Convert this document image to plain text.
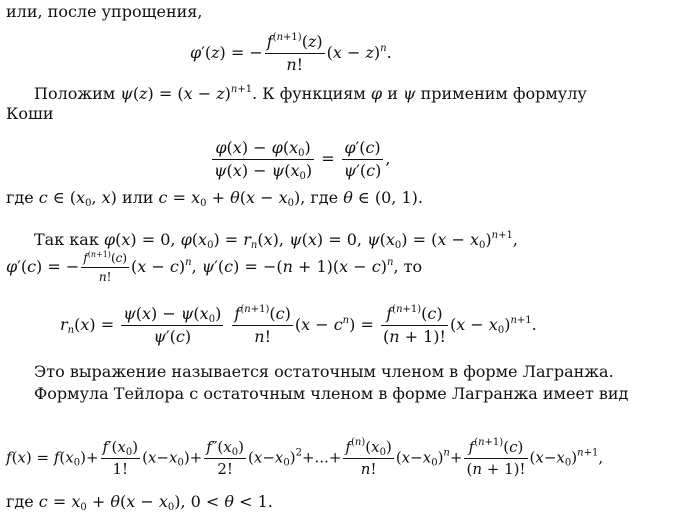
или, после упрощения,
φ′(z) = − $\frac{f^{(n+1)}(z)}{n!} (x - z)^n$.
Положим $\psi(z) = (x - z)^{n+1}$. К функциям φ и ψ применим формулу
Коши
$\frac{\varphi(x) - \varphi(x_0)}{\psi(x) - \psi(x_0)} = \frac{\varphi'(c)}{\psi'(c)}$ ,
где c ∈ ($x_0$, x) или $c = x_0 + \theta(x - x_0)$, где θ ∈ (0, 1).
Так как φ(x) = 0, $\varphi(x_0) = r_n(x)$, ψ(x) = 0, $\psi(x_0) = (x - x_0)^{n+1}$,
φ′(c) = − $\frac{f^{(n+1)}(c)}{n!} (x - c)^n$, $\psi'(c) = -(n + 1)(x - c)^n$, то
$r_n(x) = \frac{\psi(x) - \psi(x_0)}{\psi'(c)}$
$\frac{f^{(n+1)}(c)}{n!} (x - c^n) = \frac{f^{(n+1)}(c)}{(n + 1)!} (x - x_0)^{n+1}$.
Это выражение называется остаточным членом в форме Лагранжа.
Формула Тейлора с остаточным членом в форме Лагранжа имеет вид
$f(x) = f(x_0)+ \frac{f'(x_0)}{1!} (x-x_0)+ \frac{f''(x_0)}{2!} (x-x_0)^2+...+ \frac{f^{(n)}(x_0)}{n!} (x-x_0)^n+ \frac{f^{(n+1)}(c)}{(n + 1)!} (x-x_0)^{n+1}$,
где $c = x_0 + \theta(x - x_0)$, 0 < θ < 1.
